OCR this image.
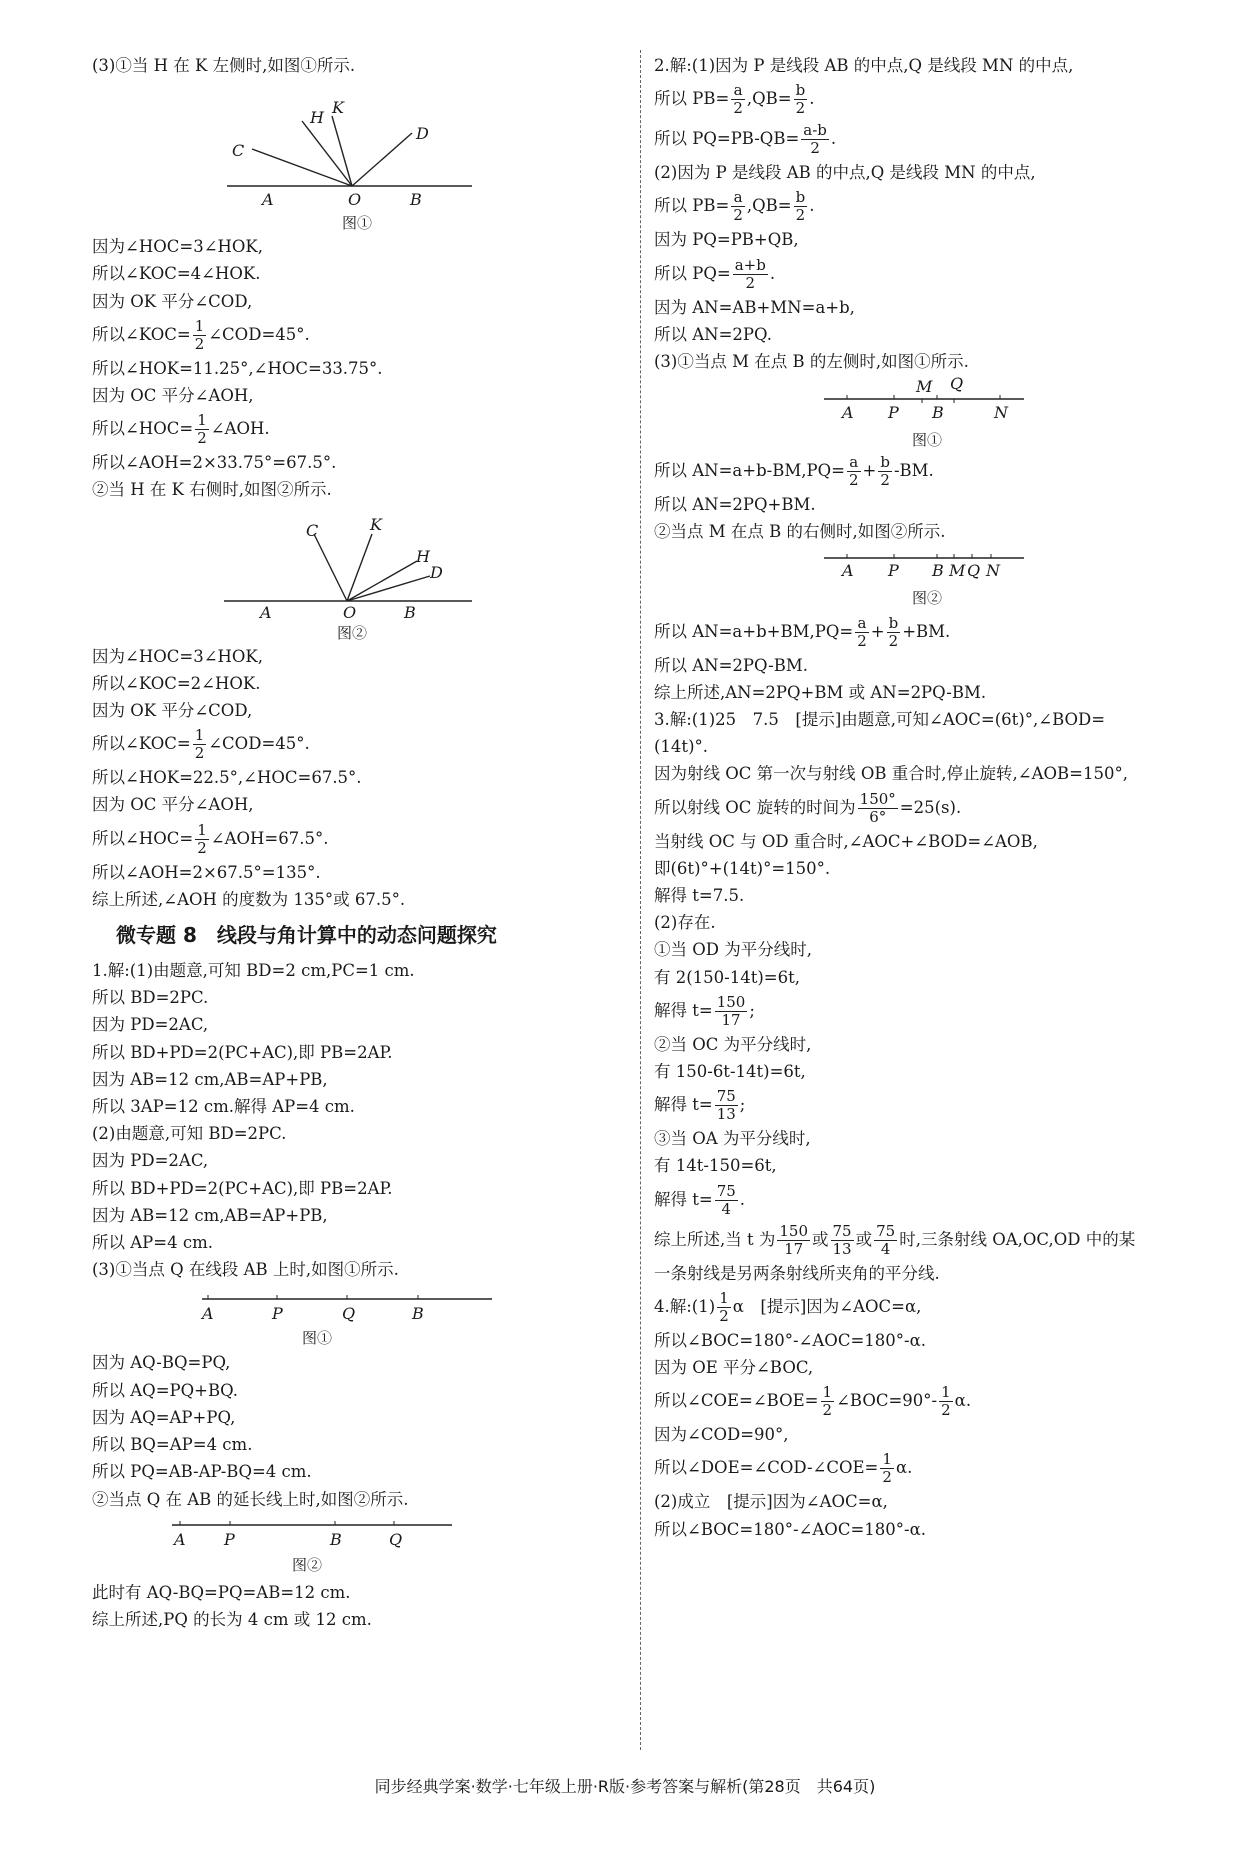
(3)①当 H 在 K 左侧时,如图①所示.
H
K
D
C
A	O	B
图①
因为∠HOC=3∠HOK,
所以∠KOC=4∠HOK.
因为 OK 平分∠COD,
所以∠KOC= $\frac{1}{2}$ ∠COD=45°.
所以∠HOK=11.25°,∠HOC=33.75°.
因为 OC 平分∠AOH,
所以∠HOC= $\frac{1}{2}$ ∠AOH.
所以∠AOH=2×33.75°=67.5°.
②当 H 在 K 右侧时,如图②所示.
C	K
H
D
A	O	B
图②
因为∠HOC=3∠HOK,
所以∠KOC=2∠HOK.
因为 OK 平分∠COD,
所以∠KOC= $\frac{1}{2}$ ∠COD=45°.
所以∠HOK=22.5°,∠HOC=67.5°.
因为 OC 平分∠AOH,
所以∠HOC= $\frac{1}{2}$ ∠AOH=67.5°.
所以∠AOH=2×67.5°=135°.
综上所述,∠AOH 的度数为 135°或 67.5°.
微专题 8　线段与角计算中的动态问题探究
1.解:(1)由题意,可知 BD=2 cm,PC=1 cm.
所以 BD=2PC.
因为 PD=2AC,
所以 BD+PD=2(PC+AC),即 PB=2AP.
因为 AB=12 cm,AB=AP+PB,
所以 3AP=12 cm.解得 AP=4 cm.
(2)由题意,可知 BD=2PC.
因为 PD=2AC,
所以 BD+PD=2(PC+AC),即 PB=2AP.
因为 AB=12 cm,AB=AP+PB,
所以 AP=4 cm.
(3)①当点 Q 在线段 AB 上时,如图①所示.
A	P	Q	B
图①
因为 AQ-BQ=PQ,
所以 AQ=PQ+BQ.
因为 AQ=AP+PQ,
所以 BQ=AP=4 cm.
所以 PQ=AB-AP-BQ=4 cm.
②当点 Q 在 AB 的延长线上时,如图②所示.
A P	B	Q
图②
此时有 AQ-BQ=PQ=AB=12 cm.
综上所述,PQ 的长为 4 cm 或 12 cm.
2.解:(1)因为 P 是线段 AB 的中点,Q 是线段 MN 的中点,
所以 $PB= \frac{a}{2} ,QB= \frac{b}{2}$ .
所以 $PQ=PB-QB= \frac{a-b}{2}$ .
(2)因为 P 是线段 AB 的中点,Q 是线段 MN 的中点,
所以 $PB= \frac{a}{2} ,QB= \frac{b}{2}$ .
因为 PQ=PB+QB,
所以 $PQ= \frac{a+b}{2}$ .
因为 AN=AB+MN=a+b,
所以 AN=2PQ.
(3)①当点 M 在点 B 的左侧时,如图①所示.
A P B	N
图①
M Q
所以 $AN=a+b-BM,PQ= \frac{a}{2} + \frac{b}{2} -BM$.
所以 AN=2PQ+BM.
②当点 M 在点 B 的右侧时,如图②所示.
A P B M Q N
图②
所以 $AN=a+b+BM,PQ= \frac{a}{2} + \frac{b}{2} +BM$.
所以 AN=2PQ-BM.
综上所述,AN=2PQ+BM 或 AN=2PQ-BM.
3.解:(1)25　7.5　[提示]由题意,可知∠AOC=(6t)°,∠BOD=
(14t)°.
因为射线 OC 第一次与射线 OB 重合时,停止旋转,∠AOB=150°,
所以射线 OC 旋转的时间为 $\frac{150^\circ}{6^\circ} =25(s)$.
当射线 OC 与 OD 重合时,∠AOC+∠BOD=∠AOB,
即(6t)°+(14t)°=150°.
解得 t=7.5.
(2)存在.
①当 OD 为平分线时,
有 2(150-14t)=6t,
解得 $t= \frac{150}{17}$ ;
②当 OC 为平分线时,
有 150-6t-14t)=6t,
解得 $t= \frac{75}{13}$ ;
③当 OA 为平分线时,
有 14t-150=6t,
解得 $t= \frac{75}{4}$ .
综上所述,当 t 为 $\frac{150}{17}$ 或 $\frac{75}{13}$ 或 $\frac{75}{4}$ 时,三条射线 OA,OC,OD 中的某
一条射线是另两条射线所夹角的平分线.
4.解:(1) $\frac{1}{2}$ α　[提示]因为∠AOC=α,
所以∠BOC=180°-∠AOC=180°-α.
因为 OE 平分∠BOC,
所以∠COE=∠BOE= $\frac{1}{2}$ ∠BOC=90°- $\frac{1}{2} \alpha$.
因为∠COD=90°,
所以∠DOE=∠COD-∠COE= $\frac{1}{2} \alpha$.
(2)成立　[提示]因为∠AOC=α,
所以∠BOC=180°-∠AOC=180°-α.
同步经典学案·数学·七年级上册·R版·参考答案与解析(第28页　共64页)
